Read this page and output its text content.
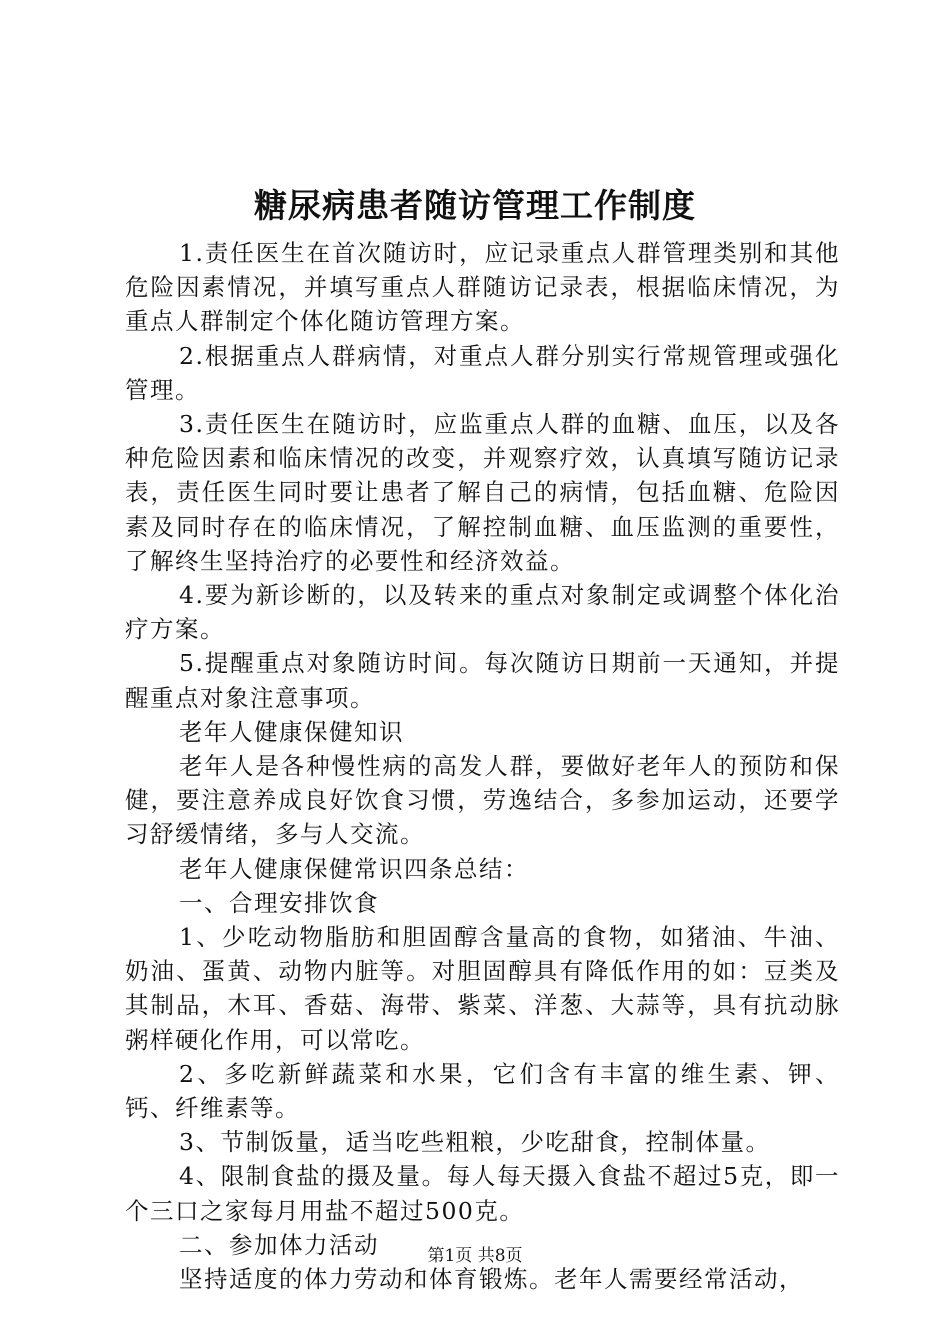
糖尿病患者随访管理工作制度

1.责任医生在首次随访时，应记录重点人群管理类别和其他危险因素情况，并填写重点人群随访记录表，根据临床情况，为重点人群制定个体化随访管理方案。

2.根据重点人群病情，对重点人群分别实行常规管理或强化管理。

3.责任医生在随访时，应监重点人群的血糖、血压，以及各种危险因素和临床情况的改变，并观察疗效，认真填写随访记录表，责任医生同时要让患者了解自己的病情，包括血糖、危险因素及同时存在的临床情况，了解控制血糖、血压监测的重要性，了解终生坚持治疗的必要性和经济效益。

4.要为新诊断的，以及转来的重点对象制定或调整个体化治疗方案。

5.提醒重点对象随访时间。每次随访日期前一天通知，并提醒重点对象注意事项。

老年人健康保健知识

老年人是各种慢性病的高发人群，要做好老年人的预防和保健，要注意养成良好饮食习惯，劳逸结合，多参加运动，还要学习舒缓情绪，多与人交流。

老年人健康保健常识四条总结：

一、合理安排饮食

1、少吃动物脂肪和胆固醇含量高的食物，如猪油、牛油、奶油、蛋黄、动物内脏等。对胆固醇具有降低作用的如：豆类及其制品，木耳、香菇、海带、紫菜、洋葱、大蒜等，具有抗动脉粥样硬化作用，可以常吃。

2、多吃新鲜蔬菜和水果，它们含有丰富的维生素、钾、钙、纤维素等。

3、节制饭量，适当吃些粗粮，少吃甜食，控制体量。

4、限制食盐的摄及量。每人每天摄入食盐不超过5克，即一个三口之家每月用盐不超过500克。

二、参加体力活动

坚持适度的体力劳动和体育锻炼。老年人需要经常活动，

第1页 共8页
